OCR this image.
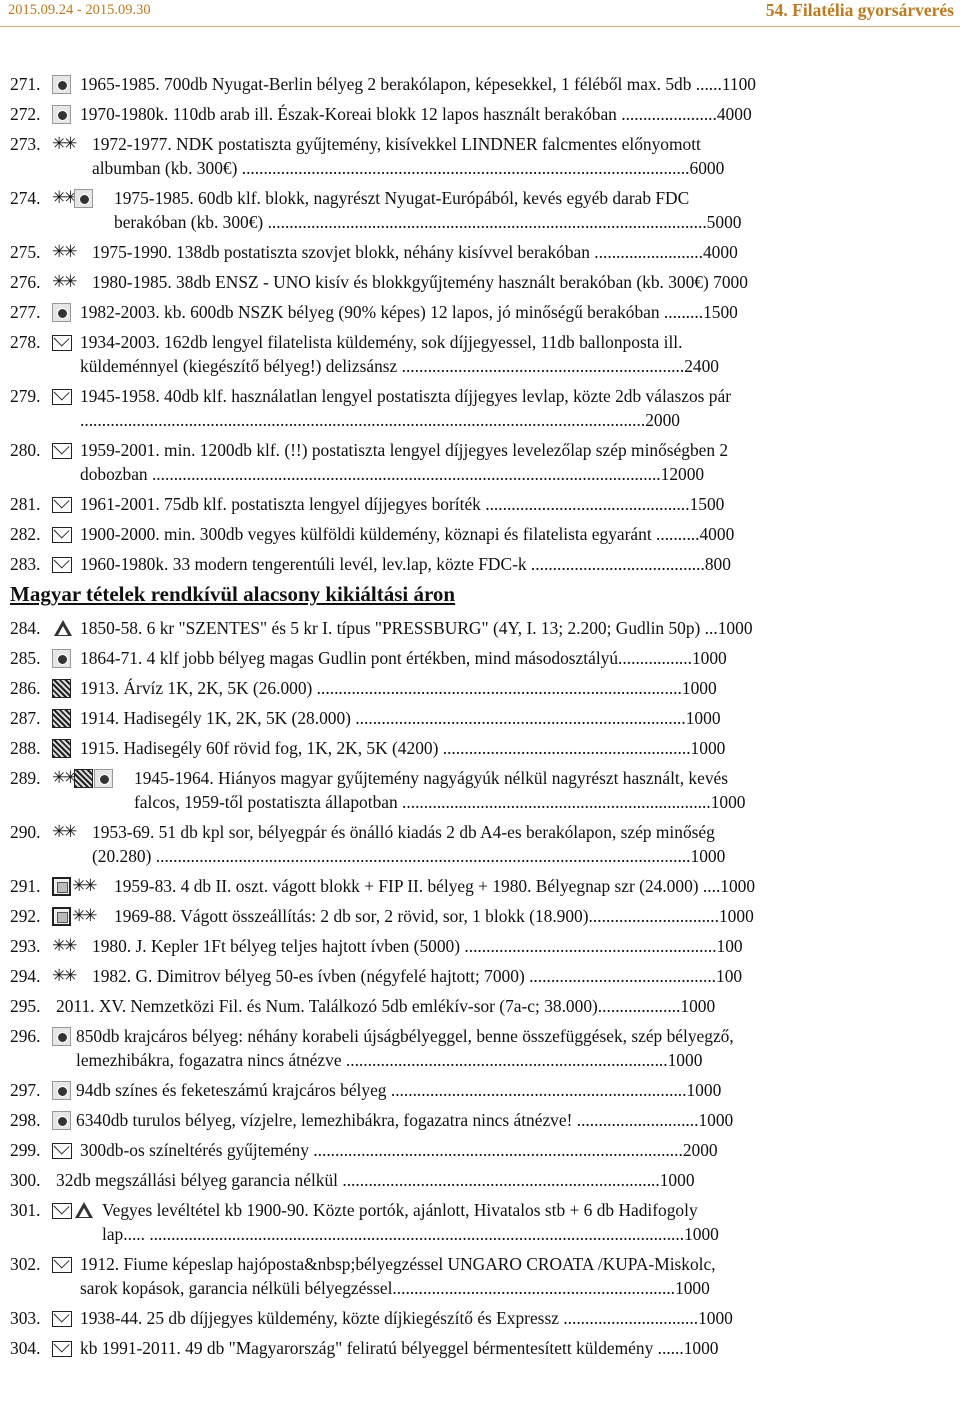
2015.09.24 - 2015.09.30	54. Filatélia gyorsárverés
271. 1965-1985. 700db Nyugat-Berlin bélyeg 2 berakólapon, képesekkel, 1 féléből max. 5db ......1100
272. 1970-1980k. 110db arab ill. Észak-Koreai blokk 12 lapos használt berakóban ......................4000
273. ✳✳ 1972-1977. NDK postatiszta gyűjtemény, kisívekkel LINDNER falcmentes előnyomott
albumban (kb. 300€) .......................................................................................................6000
274. ✳✳ 1975-1985. 60db klf. blokk, nagyrészt Nyugat-Európából, kevés egyéb darab FDC
berakóban (kb. 300€) .....................................................................................................5000
275. ✳✳ 1975-1990. 138db postatiszta szovjet blokk, néhány kisívvel berakóban .........................4000
276. ✳✳ 1980-1985. 38db ENSZ - UNO kisív és blokkgyűjtemény használt berakóban (kb. 300€) 7000
277. 1982-2003. kb. 600db NSZK bélyeg (90% képes) 12 lapos, jó minőségű berakóban .........1500
278. 1934-2003. 162db lengyel filatelista küldemény, sok díjjegyessel, 11db ballonposta ill.
küldeménnyel (kiegészítő bélyeg!) delizsánsz .................................................................2400
279. 1945-1958. 40db klf. használatlan lengyel postatiszta díjjegyes levlap, közte 2db válaszos pár
..................................................................................................................................2000
280. 1959-2001. min. 1200db klf. (!!) postatiszta lengyel díjjegyes levelezőlap szép minőségben 2
dobozban .....................................................................................................................12000
281. 1961-2001. 75db klf. postatiszta lengyel díjjegyes boríték ...............................................1500
282. 1900-2000. min. 300db vegyes külföldi küldemény, köznapi és filatelista egyaránt ..........4000
283. 1960-1980k. 33 modern tengerentúli levél, lev.lap, közte FDC-k ........................................800
Magyar tételek rendkívül alacsony kikiáltási áron
284. 1850-58. 6 kr "SZENTES" és 5 kr I. típus "PRESSBURG" (4Y, I. 13; 2.200; Gudlin 50p) ...1000
285. 1864-71. 4 klf jobb bélyeg magas Gudlin pont értékben, mind másodosztályú.................1000
286. 1913. Árvíz 1K, 2K, 5K (26.000) ....................................................................................1000
287. 1914. Hadisegély 1K, 2K, 5K (28.000) ............................................................................1000
288. 1915. Hadisegély 60f rövid fog, 1K, 2K, 5K (4200) .........................................................1000
289. ✳✳	1945-1964. Hiányos magyar gyűjtemény nagyágyúk nélkül nagyrészt használt, kevés
falcos, 1959-től postatiszta állapotban .......................................................................1000
290. ✳✳ 1953-69. 51 db kpl sor, bélyegpár és önálló kiadás 2 db A4-es berakólapon, szép minőség
(20.280) ...........................................................................................................................1000
291. ✳✳ 1959-83. 4 db II. oszt. vágott blokk + FIP II. bélyeg + 1980. Bélyegnap szr (24.000) ....1000
292. ✳✳ 1969-88. Vágott összeállítás: 2 db sor, 2 rövid, sor, 1 blokk (18.900)..............................1000
293. ✳✳ 1980. J. Kepler 1Ft bélyeg teljes hajtott ívben (5000) ..........................................................100
294. ✳✳ 1982. G. Dimitrov bélyeg 50-es ívben (négyfelé hajtott; 7000) ...........................................100
295. 2011. XV. Nemzetközi Fil. és Num. Találkozó 5db emlékív-sor (7a-c; 38.000)...................1000
296. 850db krajcáros bélyeg: néhány korabeli újságbélyeggel, benne összefüggések, szép bélyegző,
lemezhibákra, fogazatra nincs átnézve ..........................................................................1000
297. 94db színes és feketeszámú krajcáros bélyeg ....................................................................1000
298. 6340db turulos bélyeg, vízjelre, lemezhibákra, fogazatra nincs átnézve! ............................1000
299. 300db-os színeltérés gyűjtemény .....................................................................................2000
300. 32db megszállási bélyeg garancia nélkül .........................................................................1000
301.	Vegyes levéltétel kb 1900-90. Közte portók, ajánlott, Hivatalos stb + 6 db Hadifogoly
lap..... ...........................................................................................................................1000
302. 1912. Fiume képeslap hajóposta&nbsp;bélyegzéssel UNGARO CROATA /KUPA-Miskolc,
sarok kopások, garancia nélküli bélyegzéssel.................................................................1000
303. 1938-44. 25 db díjjegyes küldemény, közte díjkiegészítő és Expressz ...............................1000
304. kb 1991-2011. 49 db "Magyarország" feliratú bélyeggel bérmentesített küldemény ......1000
